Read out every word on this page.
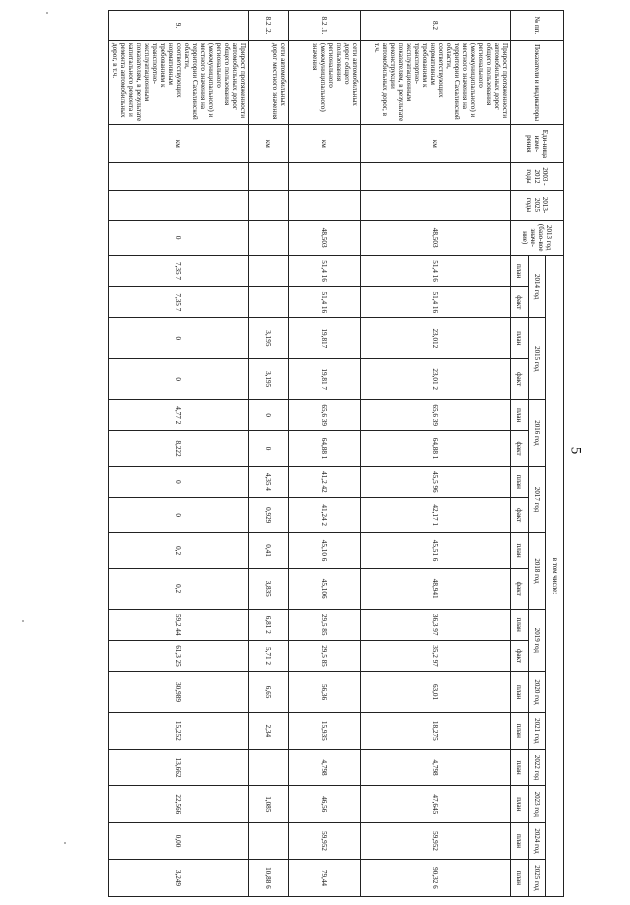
5
№ пп.	Показатели и индикаторы	Еди-ница изме-рения	2003 - 2012 годы	2013-2025 годы	2013 год (базо-вое значе-ние)	в том числе:																	
						2014 год		2015 год		2016 год		2017 год		2018 год		2019 год		2020 год	2021 год	2022 год	2023 год	2024 год	2025 год
						план	факт	план	факт	план	факт	план	факт	план	факт	план	факт	план	план	план	план	план	план
8.2	Прирост протяженности автомобильных дорог общего пользования регионального (межмуниципального) и местного значения на территории Сахалинской области, соответствующих нормативным требованиям к транспортно-эксплуатационным показателям, в результате реконструкции автомобильных дорог, в т.ч.	км			48,503	51,4 16	51,4 16	23,012	23,01 2	65,6 39	64,88 1	45,5 96	42,17 1	45,51 6	48,941	36,3 97	35,2 97	63,01	18,275	4,798	47,645	59,952	90,32 6
8.2 .1.	сети автомобильных дорог общего пользования регионального (межмуниципального) значения	км			48,503	51,4 16	51,4 16	19,817	19,81 7	65,6 39	64,88 1	41,2 42	41,24 2	45,10 6	45,106	29,5 85	29,5 85	56,36	15,935	4,798	46,56	59,952	79,44
8.2 .2.	сети автомобильных дорог местного значения	км						3,195	3,195	0	0	4,35 4	0,929	0,41	3,835	6,81 2	5,71 2	6,65	2,34		1,085		10,88 6
9.	Прирост протяженности автомобильных дорог общего пользования регионального (межмуниципального) и местного значения на территории Сахалинской области, соответствующих нормативным требованиям к транспортно-эксплуатационным показателям, в результате капитального ремонта и ремонта автомобильных дорог, в т.ч.	км			0	7,35 7	7,35 7	0	0	4,77 2	8,222	0	0	0,2	0,2	59,2 44	61,3 25	30,989	15,252	13,662	22,566	0,00	3,249
